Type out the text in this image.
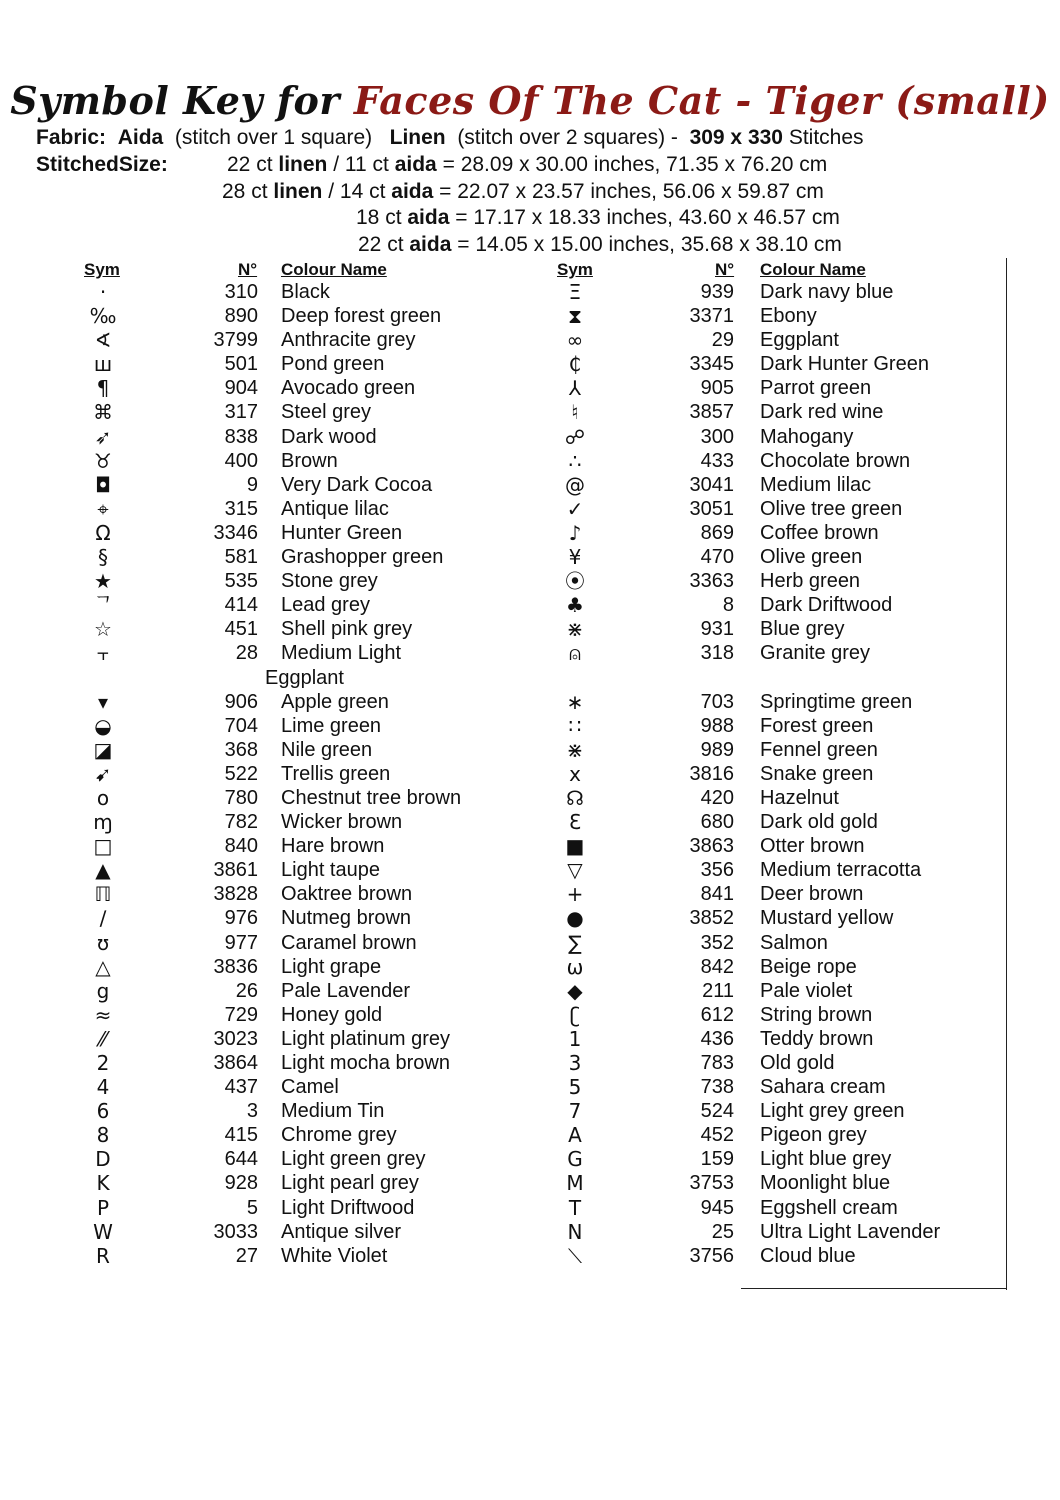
Symbol Key for Faces Of The Cat - Tiger (small)
Fabric: Aida (stitch over 1 square) Linen (stitch over 2 squares) - 309 x 330 Stitches
StitchedSize:	22 ct linen / 11 ct aida = 28.09 x 30.00 inches, 71.35 x 76.20 cm
28 ct linen / 14 ct aida = 22.07 x 23.57 inches, 56.06 x 59.87 cm
18 ct aida = 17.17 x 18.33 inches, 43.60 x 46.57 cm
22 ct aida = 14.05 x 15.00 inches, 35.68 x 38.10 cm
Sym	N° Colour Name	Sym	N° Colour Name
·	310 Black
‰	890 Deep forest green
∢	3799 Anthracite grey
ш	501 Pond green
¶	904 Avocado green
⌘	317 Steel grey
➶	838 Dark wood
♉	400 Brown
◘	9 Very Dark Cocoa
⌖	315 Antique lilac
Ω	3346 Hunter Green
§	581 Grashopper green
★	535 Stone grey
ᄀ	414 Lead grey
☆	451 Shell pink grey
⫟	28 Medium Light
Eggplant
▾	906 Apple green
◒	704 Lime green
◪	368 Nile green
➹	522 Trellis green
o	780 Chestnut tree brown
ɱ	782 Wicker brown
□	840 Hare brown
▲	3861 Light taupe
ℿ	3828 Oaktree brown
∕	976 Nutmeg brown
ʊ	977 Caramel brown
△	3836 Light grape
g	26 Pale Lavender
≈	729 Honey gold
⁄⁄	3023 Light platinum grey
2	3864 Light mocha brown
4	437 Camel
6	3 Medium Tin
8	415 Chrome grey
D	644 Light green grey
K	928 Light pearl grey
P	5 Light Driftwood
W	3033 Antique silver
R	27 White Violet
Ξ	939 Dark navy blue
⧗	3371 Ebony
∞	29 Eggplant
₵	3345 Dark Hunter Green
⅄	905 Parrot green
♮	3857 Dark red wine
☍	300 Mahogany
∴	433 Chocolate brown
@	3041 Medium lilac
✓	3051 Olive tree green
♪	869 Coffee brown
¥	470 Olive green
⦿	3363 Herb green
♣	8 Dark Driftwood
⋇	931 Blue grey
⍝	318 Granite grey
∗	703 Springtime green
∷	988 Forest green
⋇	989 Fennel green
x	3816 Snake green
☊	420 Hazelnut
Ɛ	680 Dark old gold
■	3863 Otter brown
▽	356 Medium terracotta
+	841 Deer brown
●	3852 Mustard yellow
∑	352 Salmon
ω	842 Beige rope
◆	211 Pale violet
ʗ	612 String brown
1	436 Teddy brown
3	783 Old gold
5	738 Sahara cream
7	524 Light grey green
A	452 Pigeon grey
G	159 Light blue grey
M	3753 Moonlight blue
T	945 Eggshell cream
N	25 Ultra Light Lavender
⟍	3756 Cloud blue
